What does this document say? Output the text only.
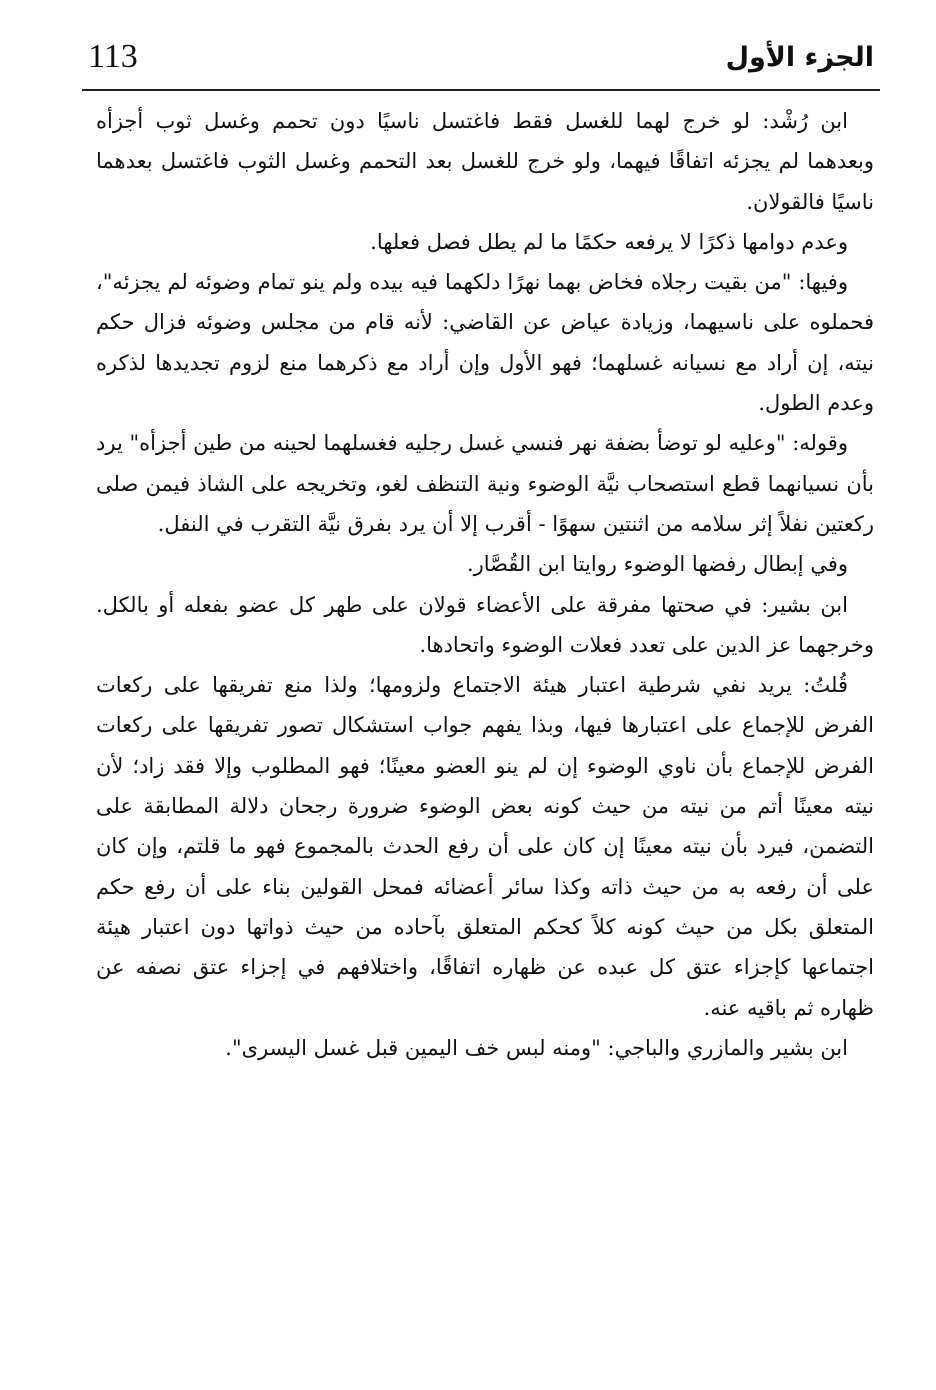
113	الجزء الأول

ابن رُشْد: لو خرج لهما للغسل فقط فاغتسل ناسيًا دون تحمم وغسل ثوب أجزأه وبعدهما لم يجزئه اتفاقًا فيهما، ولو خرج للغسل بعد التحمم وغسل الثوب فاغتسل بعدهما ناسيًا فالقولان.

وعدم دوامها ذكرًا لا يرفعه حكمًا ما لم يطل فصل فعلها.

وفيها: "من بقيت رجلاه فخاض بهما نهرًا دلكهما فيه بيده ولم ينو تمام وضوئه لم يجزئه"، فحملوه على ناسيهما، وزيادة عياض عن القاضي: لأنه قام من مجلس وضوئه فزال حكم نيته، إن أراد مع نسيانه غسلهما؛ فهو الأول وإن أراد مع ذكرهما منع لزوم تجديدها لذكره وعدم الطول.

وقوله: "وعليه لو توضأ بضفة نهر فنسي غسل رجليه فغسلهما لحينه من طين أجزأه" يرد بأن نسيانهما قطع استصحاب نيَّة الوضوء ونية التنظف لغو، وتخريجه على الشاذ فيمن صلى ركعتين نفلاً إثر سلامه من اثنتين سهوًا - أقرب إلا أن يرد بفرق نيَّة التقرب في النفل.

وفي إبطال رفضها الوضوء روايتا ابن القُصَّار.

ابن بشير: في صحتها مفرقة على الأعضاء قولان على طهر كل عضو بفعله أو بالكل. وخرجهما عز الدين على تعدد فعلات الوضوء واتحادها.

قُلتُ: يريد نفي شرطية اعتبار هيئة الاجتماع ولزومها؛ ولذا منع تفريقها على ركعات الفرض للإجماع على اعتبارها فيها، وبذا يفهم جواب استشكال تصور تفريقها على ركعات الفرض للإجماع بأن ناوي الوضوء إن لم ينو العضو معينًا؛ فهو المطلوب وإلا فقد زاد؛ لأن نيته معينًا أتم من نيته من حيث كونه بعض الوضوء ضرورة رجحان دلالة المطابقة على التضمن، فيرد بأن نيته معينًا إن كان على أن رفع الحدث بالمجموع فهو ما قلتم، وإن كان على أن رفعه به من حيث ذاته وكذا سائر أعضائه فمحل القولين بناء على أن رفع حكم المتعلق بكل من حيث كونه كلاً كحكم المتعلق بآحاده من حيث ذواتها دون اعتبار هيئة اجتماعها كإجزاء عتق كل عبده عن ظهاره اتفاقًا، واختلافهم في إجزاء عتق نصفه عن ظهاره ثم باقيه عنه.

ابن بشير والمازري والباجي: "ومنه لبس خف اليمين قبل غسل اليسرى".
